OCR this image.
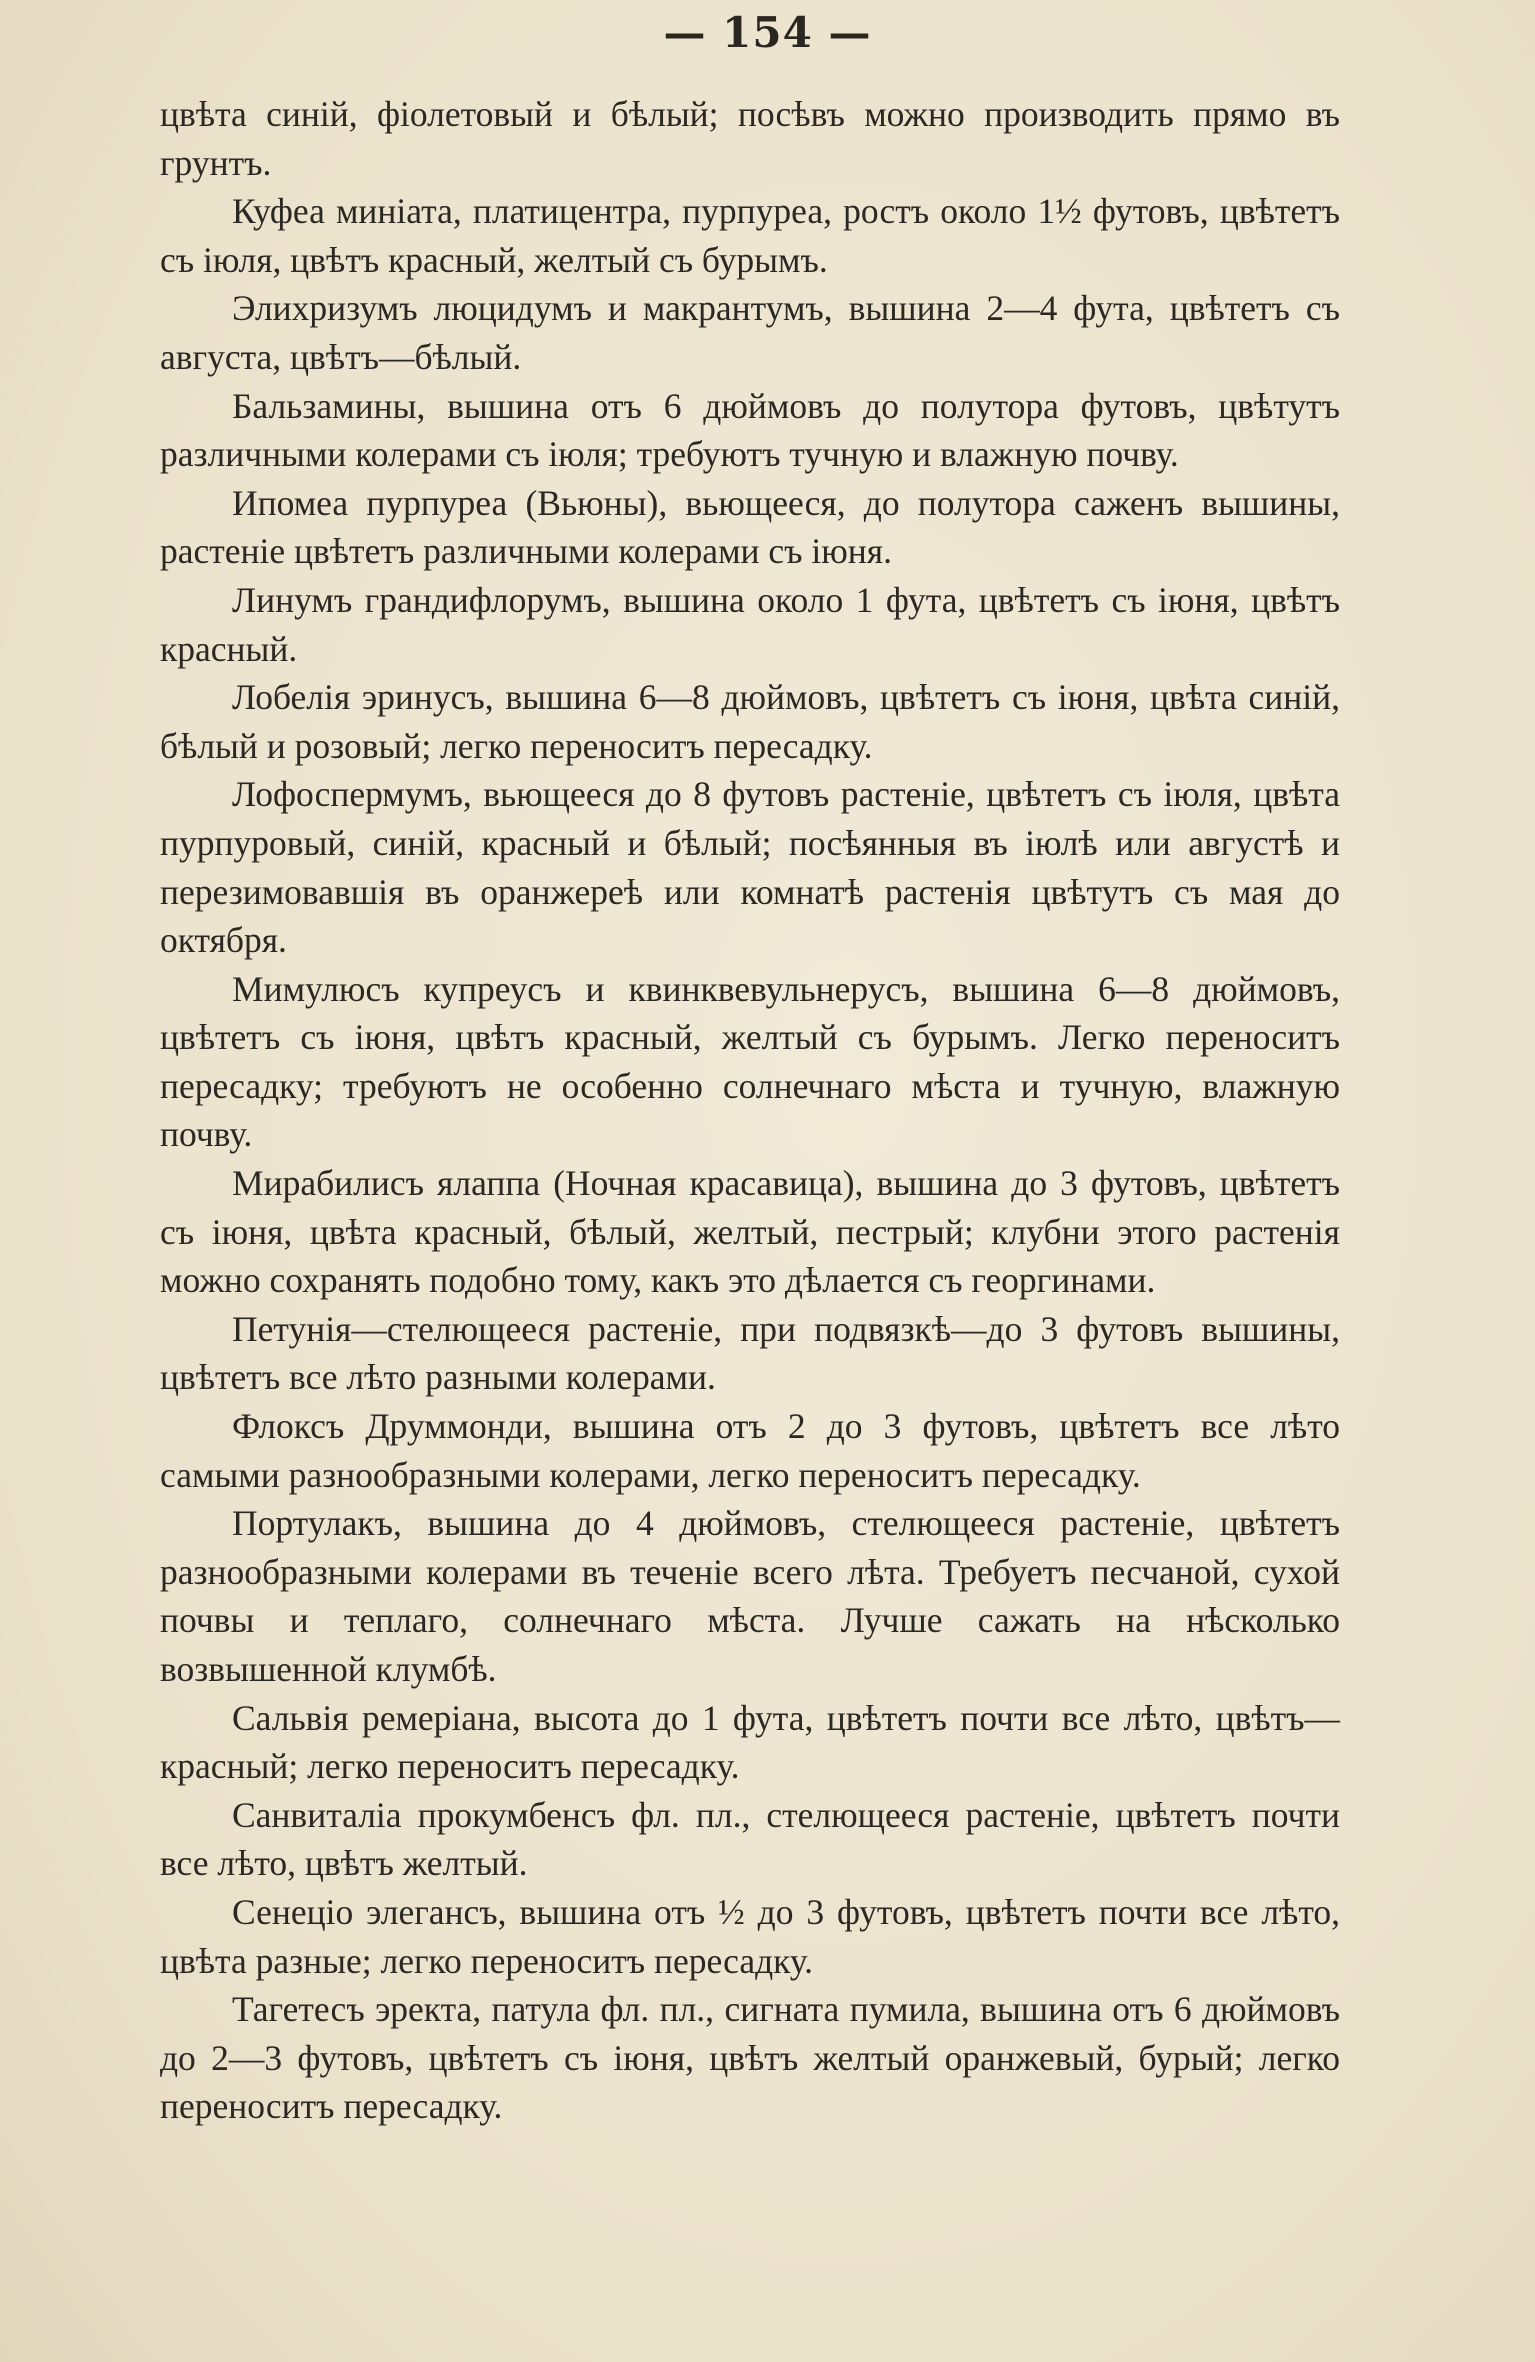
— 154 —

цвѣта синій, фіолетовый и бѣлый; посѣвъ можно производить прямо въ грунтъ.

Куфеа миніата, платицентра, пурпуреа, ростъ около 1½ футовъ, цвѣтетъ съ іюля, цвѣтъ красный, желтый съ бурымъ.

Элихризумъ люцидумъ и макрантумъ, вышина 2—4 фута, цвѣтетъ съ августа, цвѣтъ—бѣлый.

Бальзамины, вышина отъ 6 дюймовъ до полутора футовъ, цвѣтутъ различными колерами съ іюля; требуютъ тучную и влажную почву.

Ипомеа пурпуреа (Вьюны), вьющееся, до полутора саженъ вышины, растеніе цвѣтетъ различными колерами съ іюня.

Линумъ грандифлорумъ, вышина около 1 фута, цвѣтетъ съ іюня, цвѣтъ красный.

Лобелія эринусъ, вышина 6—8 дюймовъ, цвѣтетъ съ іюня, цвѣта синій, бѣлый и розовый; легко переноситъ пересадку.

Лофоспермумъ, вьющееся до 8 футовъ растеніе, цвѣтетъ съ іюля, цвѣта пурпуровый, синій, красный и бѣлый; посѣянныя въ іюлѣ или августѣ и перезимовавшія въ оранжереѣ или комнатѣ растенія цвѣтутъ съ мая до октября.

Мимулюсъ купреусъ и квинквевульнерусъ, вышина 6—8 дюймовъ, цвѣтетъ съ іюня, цвѣтъ красный, желтый съ бурымъ. Легко переноситъ пересадку; требуютъ не особенно солнечнаго мѣста и тучную, влажную почву.

Мирабилисъ ялаппа (Ночная красавица), вышина до 3 футовъ, цвѣтетъ съ іюня, цвѣта красный, бѣлый, желтый, пестрый; клубни этого растенія можно сохранять подобно тому, какъ это дѣлается съ георгинами.

Петунія—стелющееся растеніе, при подвязкѣ—до 3 футовъ вышины, цвѣтетъ все лѣто разными колерами.

Флоксъ Друммонди, вышина отъ 2 до 3 футовъ, цвѣтетъ все лѣто самыми разнообразными колерами, легко переноситъ пересадку.

Портулакъ, вышина до 4 дюймовъ, стелющееся растеніе, цвѣтетъ разнообразными колерами въ теченіе всего лѣта. Требуетъ песчаной, сухой почвы и теплаго, солнечнаго мѣста. Лучше сажать на нѣсколько возвышенной клумбѣ.

Сальвія ремеріана, высота до 1 фута, цвѣтетъ почти все лѣто, цвѣтъ—красный; легко переноситъ пересадку.

Санвиталіа прокумбенсъ фл. пл., стелющееся растеніе, цвѣтетъ почти все лѣто, цвѣтъ желтый.

Сенеціо элегансъ, вышина отъ ½ до 3 футовъ, цвѣтетъ почти все лѣто, цвѣта разные; легко переноситъ пересадку.

Тагетесъ эректа, патула фл. пл., сигната пумила, вышина отъ 6 дюймовъ до 2—3 футовъ, цвѣтетъ съ іюня, цвѣтъ желтый оранжевый, бурый; легко переноситъ пересадку.
